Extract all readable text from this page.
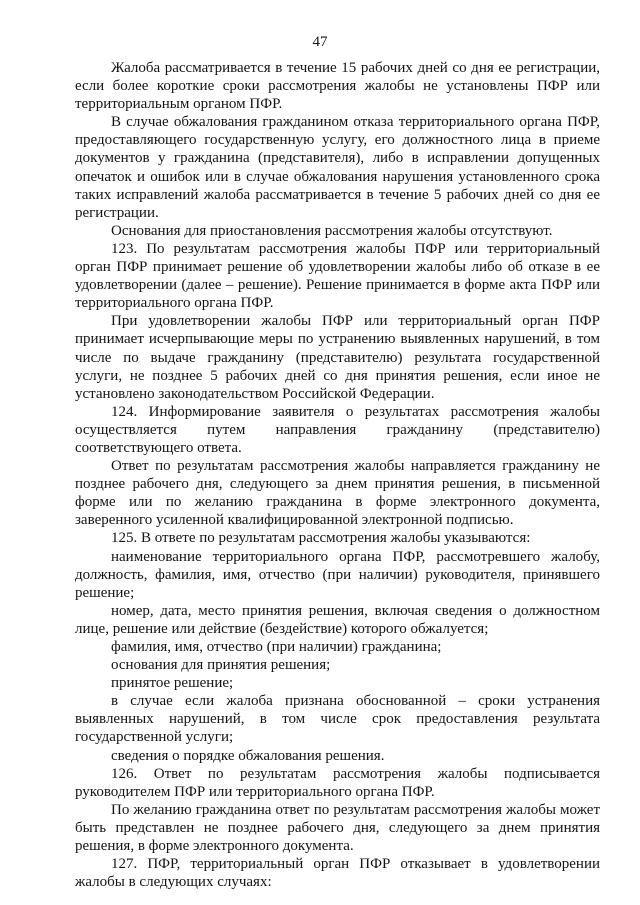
47

Жалоба рассматривается в течение 15 рабочих дней со дня ее регистрации, если более короткие сроки рассмотрения жалобы не установлены ПФР или территориальным органом ПФР.

В случае обжалования гражданином отказа территориального органа ПФР, предоставляющего государственную услугу, его должностного лица в приеме документов у гражданина (представителя), либо в исправлении допущенных опечаток и ошибок или в случае обжалования нарушения установленного срока таких исправлений жалоба рассматривается в течение 5 рабочих дней со дня ее регистрации.

Основания для приостановления рассмотрения жалобы отсутствуют.

123. По результатам рассмотрения жалобы ПФР или территориальный орган ПФР принимает решение об удовлетворении жалобы либо об отказе в ее удовлетворении (далее – решение). Решение принимается в форме акта ПФР или территориального органа ПФР.

При удовлетворении жалобы ПФР или территориальный орган ПФР принимает исчерпывающие меры по устранению выявленных нарушений, в том числе по выдаче гражданину (представителю) результата государственной услуги, не позднее 5 рабочих дней со дня принятия решения, если иное не установлено законодательством Российской Федерации.

124. Информирование заявителя о результатах рассмотрения жалобы осуществляется путем направления гражданину (представителю) соответствующего ответа.

Ответ по результатам рассмотрения жалобы направляется гражданину не позднее рабочего дня, следующего за днем принятия решения, в письменной форме или по желанию гражданина в форме электронного документа, заверенного усиленной квалифицированной электронной подписью.

125. В ответе по результатам рассмотрения жалобы указываются:

наименование территориального органа ПФР, рассмотревшего жалобу, должность, фамилия, имя, отчество (при наличии) руководителя, принявшего решение;

номер, дата, место принятия решения, включая сведения о должностном лице, решение или действие (бездействие) которого обжалуется;

фамилия, имя, отчество (при наличии) гражданина;

основания для принятия решения;

принятое решение;

в случае если жалоба признана обоснованной – сроки устранения выявленных нарушений, в том числе срок предоставления результата государственной услуги;

сведения о порядке обжалования решения.

126. Ответ по результатам рассмотрения жалобы подписывается руководителем ПФР или территориального органа ПФР.

По желанию гражданина ответ по результатам рассмотрения жалобы может быть представлен не позднее рабочего дня, следующего за днем принятия решения, в форме электронного документа.

127. ПФР, территориальный орган ПФР отказывает в удовлетворении жалобы в следующих случаях:
